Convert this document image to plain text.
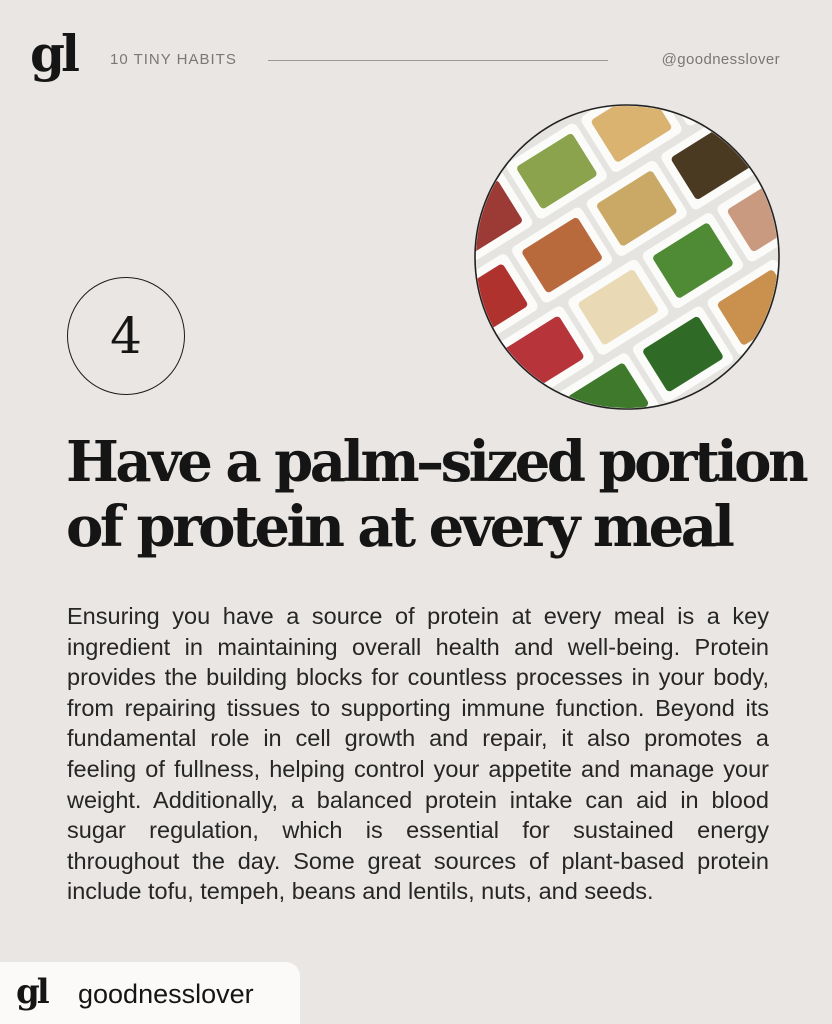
gl 10 TINY HABITS	@goodnesslover
4
Have a palm–sized portion of protein at every meal

Ensuring you have a source of protein at every meal is a key ingredient in maintaining overall health and well-being. Protein provides the building blocks for countless processes in your body, from repairing tissues to supporting immune function. Beyond its fundamental role in cell growth and repair, it also promotes a feeling of fullness, helping control your appetite and manage your weight. Additionally, a balanced protein intake can aid in blood sugar regulation, which is essential for sustained energy throughout the day. Some great sources of plant-based protein include tofu, tempeh, beans and lentils, nuts, and seeds.

gl goodnesslover
